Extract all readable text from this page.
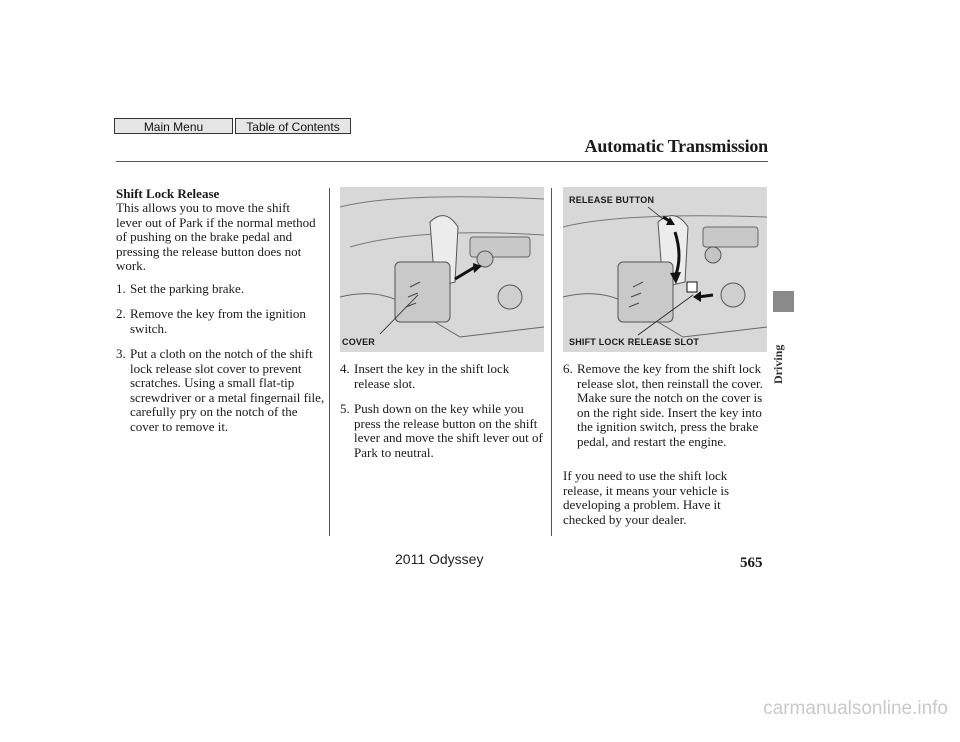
Main Menu	Table of Contents
Automatic Transmission
Shift Lock Release
This allows you to move the shift lever out of Park if the normal method of pushing on the brake pedal and pressing the release button does not work.
1. Set the parking brake.
2. Remove the key from the ignition switch.
3. Put a cloth on the notch of the shift lock release slot cover to prevent scratches. Using a small flat-tip screwdriver or a metal fingernail file, carefully pry on the notch of the cover to remove it.
COVER
4. Insert the key in the shift lock release slot.
5. Push down on the key while you press the release button on the shift lever and move the shift lever out of Park to neutral.
RELEASE BUTTON
SHIFT LOCK RELEASE SLOT
6. Remove the key from the shift lock release slot, then reinstall the cover. Make sure the notch on the cover is on the right side. Insert the key into the ignition switch, press the brake pedal, and restart the engine.
If you need to use the shift lock release, it means your vehicle is developing a problem. Have it checked by your dealer.
Driving
2011 Odyssey	565
carmanualsonline.info
